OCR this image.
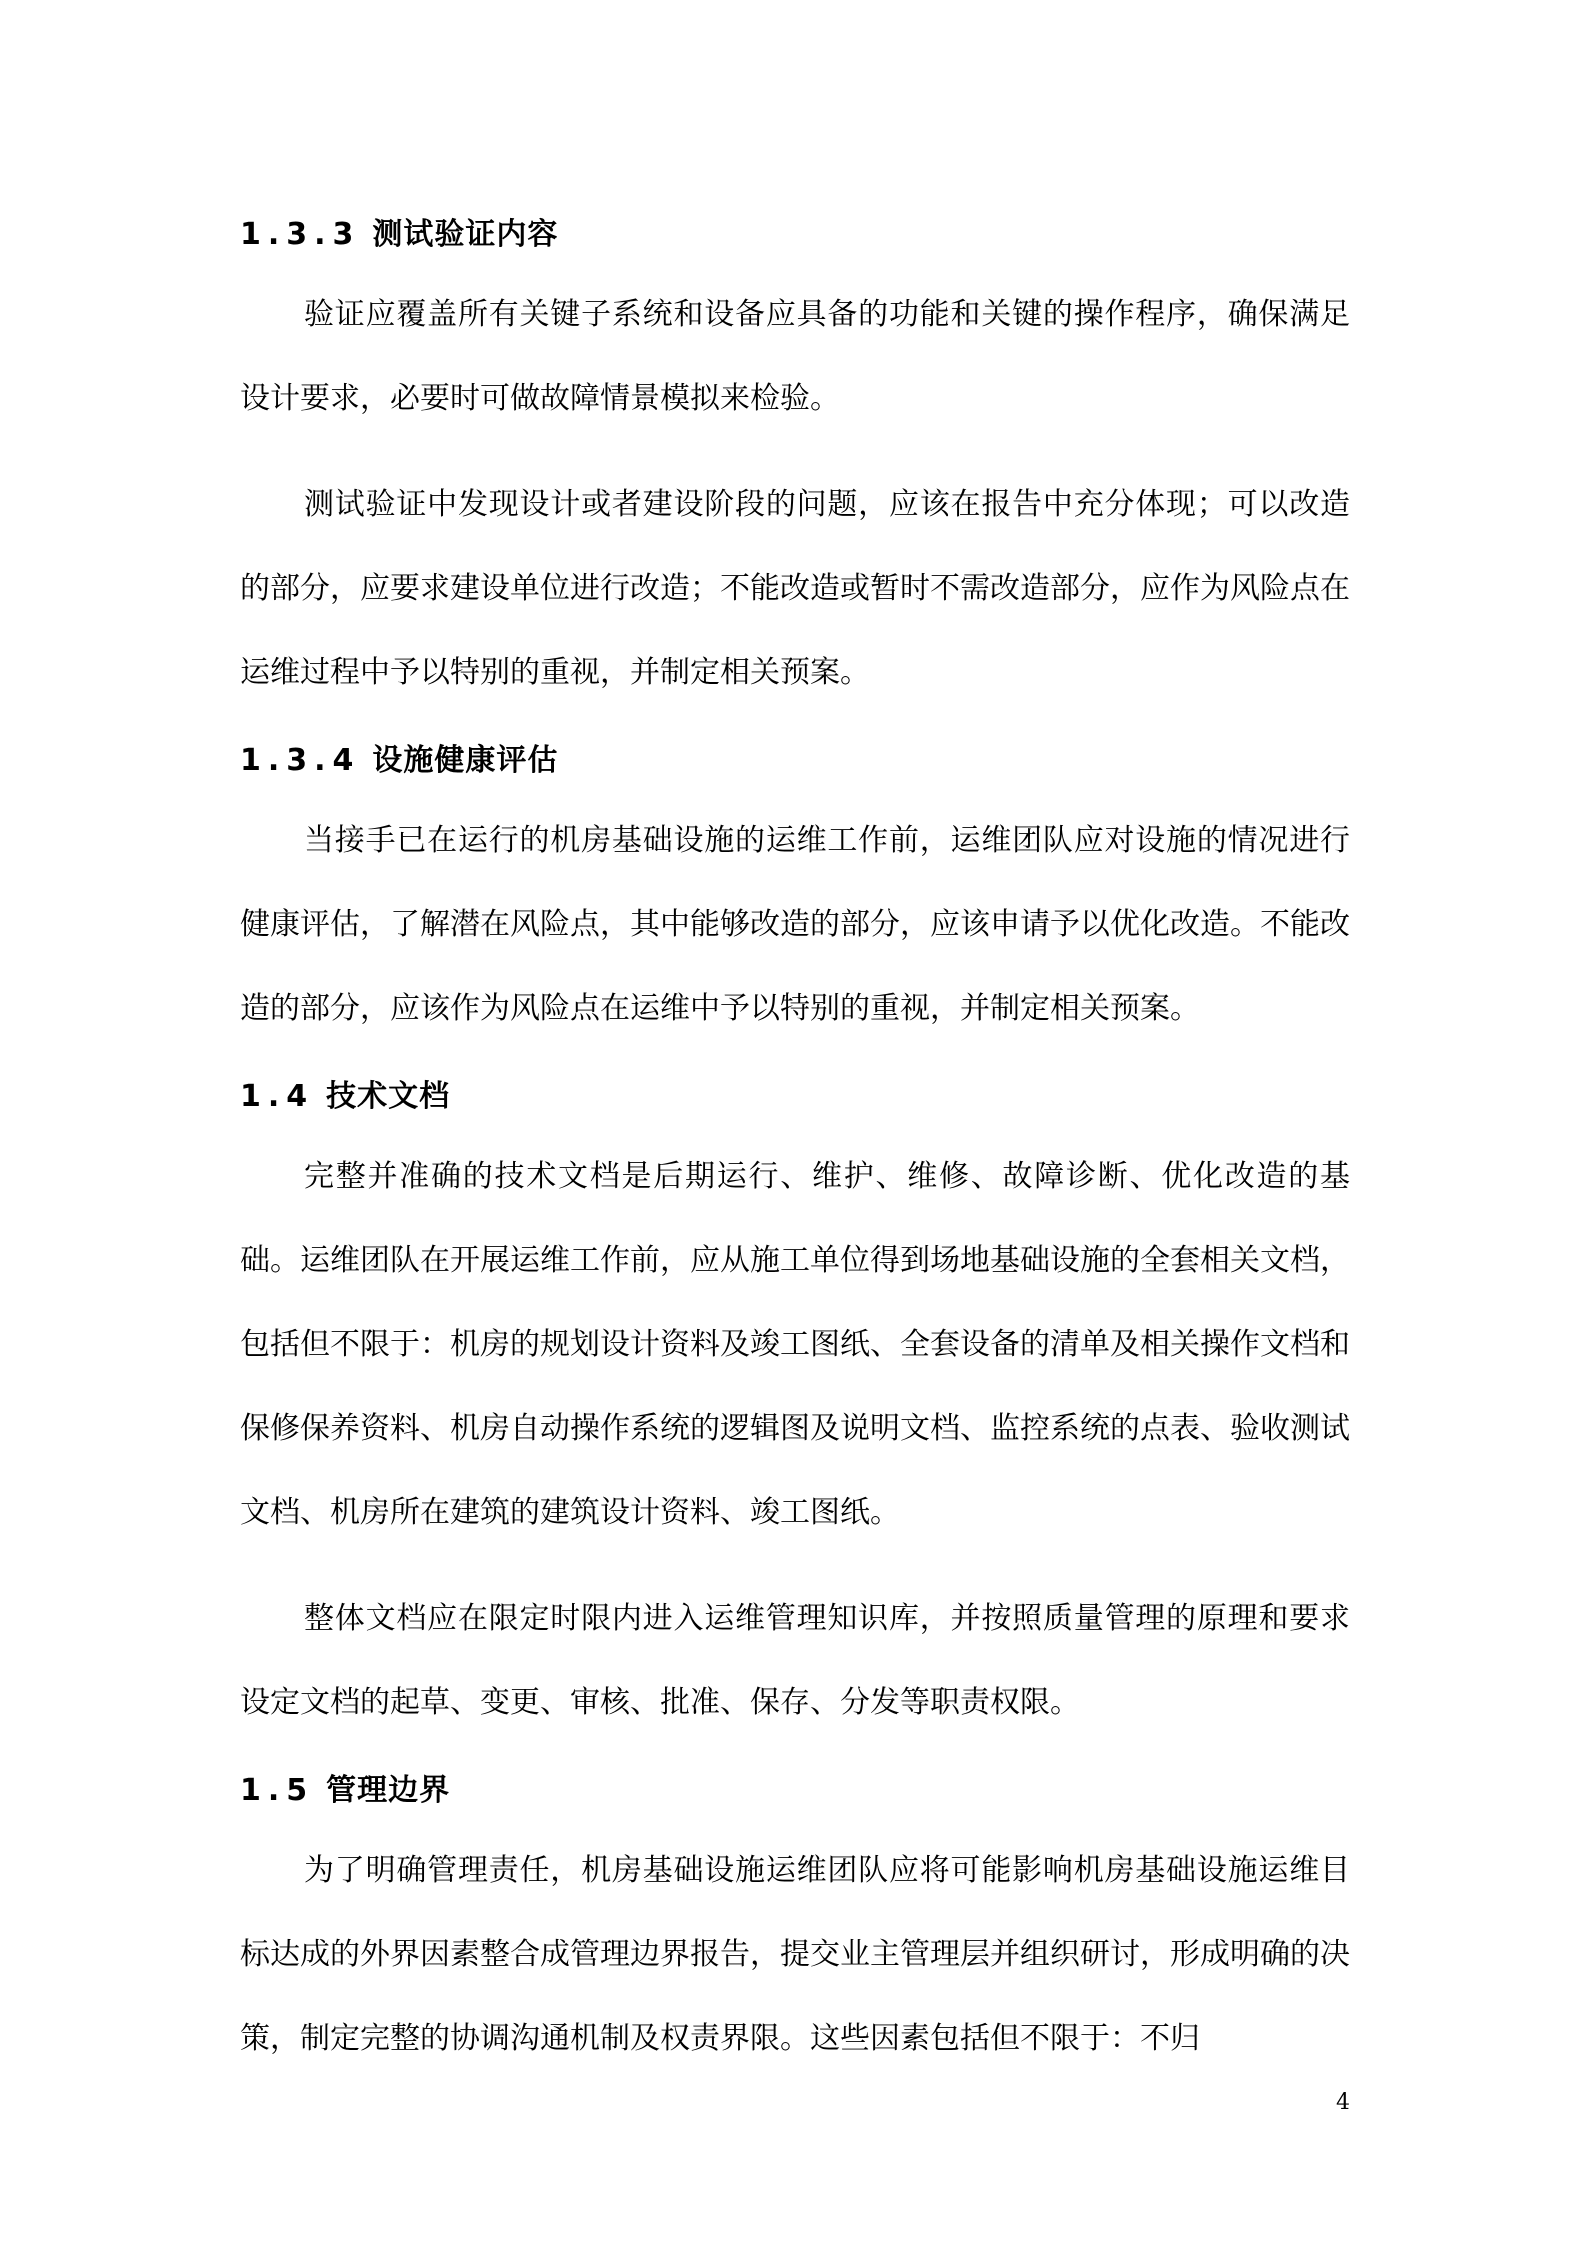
1.3.3 测试验证内容

验证应覆盖所有关键子系统和设备应具备的功能和关键的操作程序，确保满足设计要求，必要时可做故障情景模拟来检验。

测试验证中发现设计或者建设阶段的问题，应该在报告中充分体现；可以改造的部分，应要求建设单位进行改造；不能改造或暂时不需改造部分，应作为风险点在运维过程中予以特别的重视，并制定相关预案。

1.3.4 设施健康评估

当接手已在运行的机房基础设施的运维工作前，运维团队应对设施的情况进行健康评估，了解潜在风险点，其中能够改造的部分，应该申请予以优化改造。不能改造的部分，应该作为风险点在运维中予以特别的重视，并制定相关预案。

1.4 技术文档

完整并准确的技术文档是后期运行、维护、维修、故障诊断、优化改造的基础。运维团队在开展运维工作前，应从施工单位得到场地基础设施的全套相关文档，包括但不限于：机房的规划设计资料及竣工图纸、全套设备的清单及相关操作文档和保修保养资料、机房自动操作系统的逻辑图及说明文档、监控系统的点表、验收测试文档、机房所在建筑的建筑设计资料、竣工图纸。

整体文档应在限定时限内进入运维管理知识库，并按照质量管理的原理和要求设定文档的起草、变更、审核、批准、保存、分发等职责权限。

1.5 管理边界

为了明确管理责任，机房基础设施运维团队应将可能影响机房基础设施运维目标达成的外界因素整合成管理边界报告，提交业主管理层并组织研讨，形成明确的决策，制定完整的协调沟通机制及权责界限。这些因素包括但不限于：不归

4
